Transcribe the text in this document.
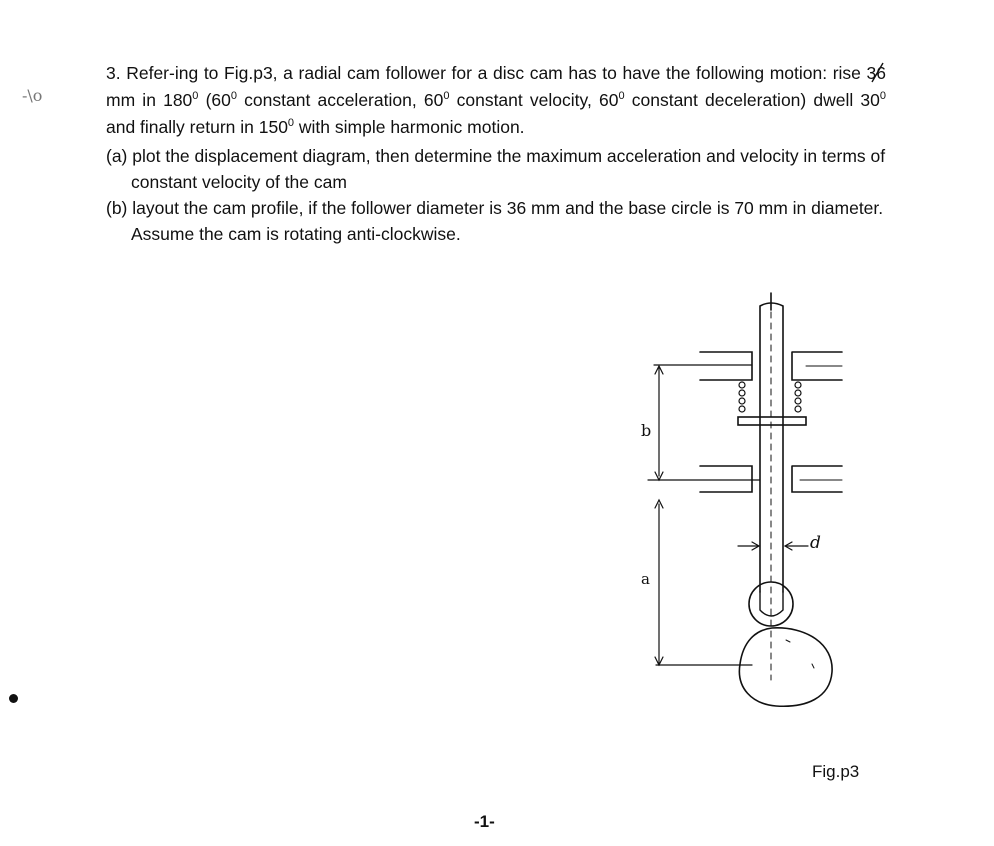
-\o

3. Refer-ing to Fig.p3, a radial cam follower for a disc cam has to have the following motion: rise 36
mm in $180^0$ ($60^0$ constant acceleration, $60^0$ constant velocity, $60^0$ constant deceleration) dwell $30^0$ and finally return in $150^0$ with simple harmonic motion.

(a) plot the displacement diagram, then determine the maximum acceleration and velocity in terms of constant velocity of the cam

(b) layout the cam profile, if the follower diameter is 36 mm and the base circle is 70 mm in diameter. Assume the cam is rotating anti-clockwise.

b
a
d
Fig.p3
-1-
